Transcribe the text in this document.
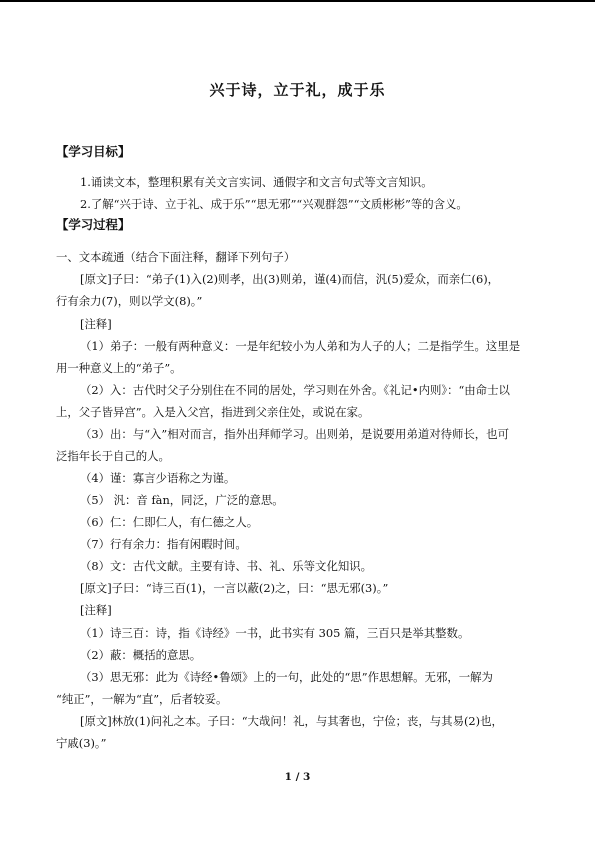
兴于诗，立于礼，成于乐
【学习目标】
1.诵读文本，整理积累有关文言实词、通假字和文言句式等文言知识。
2.了解“兴于诗、立于礼、成于乐”“思无邪”“兴观群怨”“文质彬彬”等的含义。
【学习过程】
一、文本疏通（结合下面注释，翻译下列句子）
[原文]子曰：“弟子(1)入(2)则孝，出(3)则弟，谨(4)而信，汎(5)爱众，而亲仁(6)，
行有余力(7)，则以学文(8)。”
[注释]
（1）弟子：一般有两种意义：一是年纪较小为人弟和为人子的人；二是指学生。这里是
用一种意义上的“弟子”。
（2）入：古代时父子分别住在不同的居处，学习则在外舍。《礼记•内则》：“由命士以
上，父子皆异宫”。入是入父宫，指进到父亲住处，或说在家。
（3）出：与“入”相对而言，指外出拜师学习。出则弟，是说要用弟道对待师长，也可
泛指年长于自己的人。
（4）谨：寡言少语称之为谨。
（5） 汎：音 fàn，同泛，广泛的意思。
（6）仁：仁即仁人，有仁德之人。
（7）行有余力：指有闲暇时间。
（8）文：古代文献。主要有诗、书、礼、乐等文化知识。
[原文]子曰：“诗三百(1)，一言以蔽(2)之，曰：“思无邪(3)。”
[注释]
（1）诗三百：诗，指《诗经》一书，此书实有 305 篇，三百只是举其整数。
（2）蔽：概括的意思。
（3）思无邪：此为《诗经•鲁颂》上的一句，此处的“思”作思想解。无邪，一解为
“纯正”，一解为“直”，后者较妥。
[原文]林放(1)问礼之本。子曰：“大哉问！礼，与其奢也，宁俭；丧，与其易(2)也，
宁戚(3)。”
1 / 3
